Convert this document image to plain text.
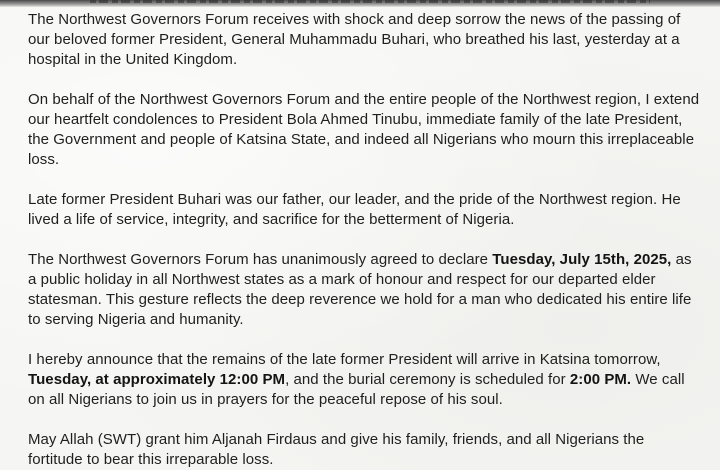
The Northwest Governors Forum receives with shock and deep sorrow the news of the passing of our beloved former President, General Muhammadu Buhari, who breathed his last, yesterday at a hospital in the United Kingdom.

On behalf of the Northwest Governors Forum and the entire people of the Northwest region, I extend our heartfelt condolences to President Bola Ahmed Tinubu, immediate family of the late President, the Government and people of Katsina State, and indeed all Nigerians who mourn this irreplaceable loss.

Late former President Buhari was our father, our leader, and the pride of the Northwest region. He lived a life of service, integrity, and sacrifice for the betterment of Nigeria.

The Northwest Governors Forum has unanimously agreed to declare Tuesday, July 15th, 2025, as a public holiday in all Northwest states as a mark of honour and respect for our departed elder statesman. This gesture reflects the deep reverence we hold for a man who dedicated his entire life to serving Nigeria and humanity.

I hereby announce that the remains of the late former President will arrive in Katsina tomorrow, Tuesday, at approximately 12:00 PM, and the burial ceremony is scheduled for 2:00 PM. We call on all Nigerians to join us in prayers for the peaceful repose of his soul.

May Allah (SWT) grant him Aljanah Firdaus and give his family, friends, and all Nigerians the fortitude to bear this irreparable loss.
